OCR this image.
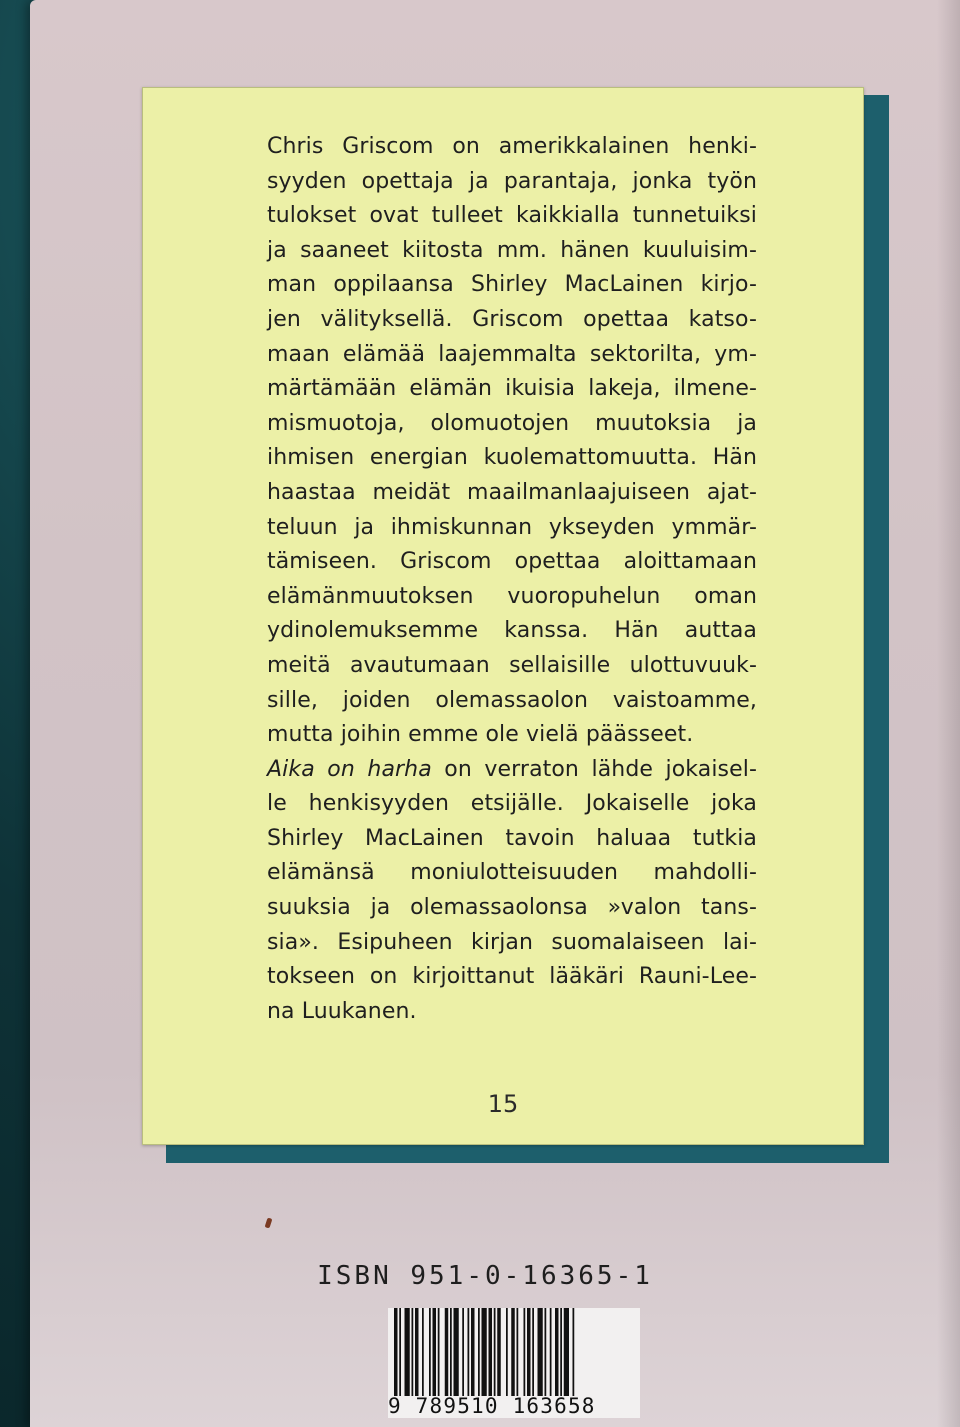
Chris Griscom on amerikkalainen henki-
syyden opettaja ja parantaja, jonka työn
tulokset ovat tulleet kaikkialla tunnetuiksi
ja saaneet kiitosta mm. hänen kuuluisim-
man oppilaansa Shirley MacLainen kirjo-
jen välityksellä. Griscom opettaa katso-
maan elämää laajemmalta sektorilta, ym-
märtämään elämän ikuisia lakeja, ilmene-
mismuotoja, olomuotojen muutoksia ja
ihmisen energian kuolemattomuutta. Hän
haastaa meidät maailmanlaajuiseen ajat-
teluun ja ihmiskunnan ykseyden ymmär-
tämiseen. Griscom opettaa aloittamaan
elämänmuutoksen vuoropuhelun oman
ydinolemuksemme kanssa. Hän auttaa
meitä avautumaan sellaisille ulottuvuuk-
sille, joiden olemassaolon vaistoamme,
mutta joihin emme ole vielä päässeet.
Aika on harha on verraton lähde jokaisel-
le henkisyyden etsijälle. Jokaiselle joka
Shirley MacLainen tavoin haluaa tutkia
elämänsä moniulotteisuuden mahdolli-
suuksia ja olemassaolonsa »valon tans-
sia». Esipuheen kirjan suomalaiseen lai-
tokseen on kirjoittanut lääkäri Rauni-Lee-
na Luukanen.
15
ISBN 951-0-16365-1
9 789510 163658
